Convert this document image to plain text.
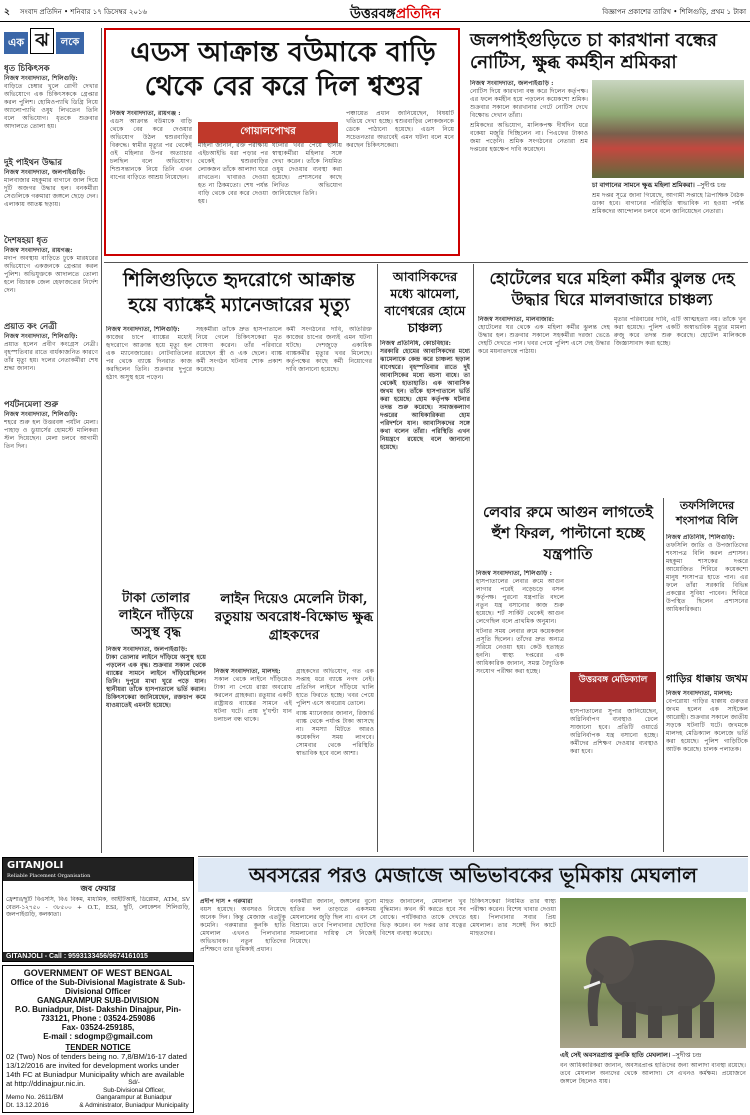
২ সংবাদ প্রতিদিন • শনিবার ১৭ ডিসেম্বর ২০১৬	উত্তরবঙ্গপ্রতিদিন	বিজ্ঞাপন প্রকাশের তারিখ • শিলিগুড়ি, প্রথম ১ টাকা
এক ঝ	লকে
ধৃত চিকিৎসক
নিজস্ব সংবাদদাতা, শিলিগুড়ি:

বাড়িতে চেম্বার খুলে রোগী দেখার অভিযোগে এক চিকিৎসককে গ্রেপ্তার করল পুলিশ। হোমিওপ্যাথি ডিগ্রি নিয়ে অ্যালোপ্যাথি ওষুধ লিখতেন তিনি বলে অভিযোগ। ধৃতকে শুক্রবার আদালতে তোলা হয়।

দুই পাইথন উদ্ধার
নিজস্ব সংবাদদাতা, জলপাইগুড়ি:

মালবাজার মহকুমার বাগানে জাল দিয়ে দুটি অজগর উদ্ধার হল। বনকর্মীরা সেগুলিকে গরুমারা জঙ্গলে ছেড়ে দেন। এলাকায় আতঙ্ক ছড়ায়।

দৈশষহয়া ধৃত
নিজস্ব সংবাদদাতা, রায়গঞ্জ:

মদ্যপ অবস্থায় বাড়িতে ঢুকে মারধরের অভিযোগে একজনকে গ্রেপ্তার করল পুলিশ। অভিযুক্তকে আদালতে তোলা হলে বিচারক জেল হেফাজতের নির্দেশ দেন।

প্রয়াত কং নেত্রী
নিজস্ব সংবাদদাতা, শিলিগুড়ি:

প্রয়াত হলেন প্রবীণ কংগ্রেস নেত্রী। বৃহস্পতিবার রাতে বার্ধক্যজনিত কারণে তাঁর মৃত্যু হয়। দলের নেতাকর্মীরা শেষ শ্রদ্ধা জানান।

পর্যটনমেলা শুরু
নিজস্ব সংবাদদাতা, শিলিগুড়ি:

শহরে শুরু হল উত্তরবঙ্গ পর্যটন মেলা। পাহাড় ও ডুয়ার্সের হোমস্টে মালিকরা স্টল দিয়েছেন। মেলা চলবে আগামী তিন দিন।

এডস আক্রান্ত বউমাকে বাড়ি থেকে বের করে দিল শ্বশুর
নিজস্ব সংবাদদাতা, রায়গঞ্জ :

এডস আক্রান্ত বউমাকে বাড়ি থেকে বের করে দেওয়ার অভিযোগ উঠল শ্বশুরবাড়ির বিরুদ্ধে। স্বামীর মৃত্যুর পর থেকেই ওই মহিলার উপর অত্যাচার চলছিল বলে অভিযোগ। শিশুসন্তানকে নিয়ে তিনি এখন বাপের বাড়িতে আশ্রয় নিয়েছেন।

গোয়ালপোখর

মহিলা জানান, রক্ত পরীক্ষায় এইচআইভি ধরা পড়ার পর থেকেই শ্বশুরবাড়ির লোকজন তাঁকে আলাদা ঘরে রাখতেন। খাবারও দেওয়া হত না ঠিকমতো। শেষ পর্যন্ত বাড়ি থেকে বের করে দেওয়া হয়।

ঘটনার খবর পেয়ে স্থানীয় স্বাস্থ্যকর্মীরা মহিলার সঙ্গে দেখা করেন। তাঁকে নিয়মিত ওষুধ দেওয়ার ব্যবস্থা করা হয়েছে। প্রশাসনের কাছে লিখিত অভিযোগ জানিয়েছেন তিনি।

পঞ্চায়েত প্রধান জানিয়েছেন, বিষয়টি খতিয়ে দেখা হচ্ছে। শ্বশুরবাড়ির লোকজনকে ডেকে পাঠানো হয়েছে। এডস নিয়ে সচেতনতার অভাবেই এমন ঘটনা বলে মনে করছেন চিকিৎসকেরা।

জলপাইগুড়িতে চা কারখানা বন্ধের নোটিস, ক্ষুব্ধ কর্মহীন শ্রমিকরা
নিজস্ব সংবাদদাতা, জলপাইগুড়ি :

নোটিস দিয়ে কারখানা বন্ধ করে দিলেন কর্তৃপক্ষ। এর ফলে কর্মহীন হয়ে পড়লেন কয়েকশো শ্রমিক। শুক্রবার সকালে কারখানার গেটে নোটিস দেখে বিক্ষোভ দেখান তাঁরা।

শ্রমিকদের অভিযোগ, মালিকপক্ষ দীর্ঘদিন ধরে বকেয়া মজুরি দিচ্ছিলেন না। পিএফের টাকাও জমা পড়েনি। শ্রমিক সংগঠনের নেতারা শ্রম দপ্তরের হস্তক্ষেপ দাবি করেছেন।

চা বাগানের সামনে ক্ষুব্ধ মহিলা শ্রমিকরা। –সুদীপ্ত চন্দ্র

শ্রম দপ্তর সূত্রে জানা গিয়েছে, আগামী সপ্তাহে ত্রিপাক্ষিক বৈঠক ডাকা হবে। বাগানের পরিস্থিতি স্বাভাবিক না হওয়া পর্যন্ত শ্রমিকদের আন্দোলন চলবে বলে জানিয়েছেন নেতারা।

শিলিগুড়িতে হৃদরোগে আক্রান্ত হয়ে ব্যাঙ্কেই ম্যানেজারের মৃত্যু
নিজস্ব সংবাদদাতা, শিলিগুড়ি:

কাজের চাপে ব্যাঙ্কের মধ্যেই হৃদরোগে আক্রান্ত হয়ে মৃত্যু হল এক ম্যানেজারের। নোটবাতিলের পর থেকে ব্যাঙ্কে দিনরাত কাজ করছিলেন তিনি। শুক্রবার দুপুরে হঠাৎ অসুস্থ হয়ে পড়েন।

সহকর্মীরা তাঁকে দ্রুত হাসপাতালে নিয়ে গেলে চিকিৎসকেরা মৃত ঘোষণা করেন। তাঁর পরিবারে রয়েছেন স্ত্রী ও এক ছেলে। ব্যাঙ্ক কর্মী সংগঠন ঘটনায় শোক প্রকাশ করেছে।

কর্মী সংগঠনের দাবি, অতিরিক্ত কাজের চাপের জন্যই এমন ঘটনা ঘটছে। দেশজুড়ে একাধিক ব্যাঙ্ককর্মীর মৃত্যুর খবর মিলেছে। কর্তৃপক্ষের কাছে কর্মী নিয়োগের দাবি জানানো হয়েছে।

টাকা তোলার লাইনে দাঁড়িয়ে অসুস্থ বৃদ্ধ
নিজস্ব সংবাদদাতা, জলপাইগুড়ি:

টাকা তোলার লাইনে দাঁড়িয়ে অসুস্থ হয়ে পড়লেন এক বৃদ্ধ। শুক্রবার সকাল থেকে ব্যাঙ্কের সামনে লাইনে দাঁড়িয়েছিলেন তিনি। দুপুরে মাথা ঘুরে পড়ে যান। স্থানীয়রা তাঁকে হাসপাতালে ভর্তি করান। চিকিৎসকেরা জানিয়েছেন, রক্তচাপ কমে যাওয়াতেই এমনটা হয়েছে।

লাইন দিয়েও মেলেনি টাকা, রতুয়ায় অবরোধ-বিক্ষোভ ক্ষুব্ধ গ্রাহকদের
নিজস্ব সংবাদদাতা, মালদহ:

সকাল থেকে লাইনে দাঁড়িয়েও টাকা না পেয়ে রাস্তা অবরোধ করলেন গ্রাহকরা। রতুয়ার একটি রাষ্ট্রায়ত্ত ব্যাঙ্কের সামনে এই ঘটনা ঘটে। প্রায় দু'ঘণ্টা যান চলাচল বন্ধ থাকে।

গ্রাহকদের অভিযোগ, গত এক সপ্তাহ ধরে ব্যাঙ্কে নগদ নেই। প্রতিদিন লাইনে দাঁড়িয়ে খালি হাতে ফিরতে হচ্ছে। খবর পেয়ে পুলিশ এসে অবরোধ তোলে।

ব্যাঙ্ক ম্যানেজার জানান, রিজার্ভ ব্যাঙ্ক থেকে পর্যাপ্ত টাকা আসছে না। সমস্যা মিটতে আরও কয়েকদিন সময় লাগবে। সোমবার থেকে পরিস্থিতি স্বাভাবিক হবে বলে আশা।

আবাসিকদের মধ্যে ঝামেলা, বাণেশ্বরের হোমে চাঞ্চল্য
নিজস্ব প্রতিনিধি, কোচবিহার:

সরকারি হোমের আবাসিকদের মধ্যে ঝামেলাকে কেন্দ্র করে চাঞ্চল্য ছড়াল বাণেশ্বরে। বৃহস্পতিবার রাতে দুই আবাসিকের মধ্যে বচসা বাধে। তা থেকেই হাতাহাতি। এক আবাসিক জখম হন। তাঁকে হাসপাতালে ভর্তি করা হয়েছে। হোম কর্তৃপক্ষ ঘটনার তদন্ত শুরু করেছে। সমাজকল্যাণ দপ্তরের আধিকারিকরা হোম পরিদর্শনে যান। আবাসিকদের সঙ্গে কথা বলেন তাঁরা। পরিস্থিতি এখন নিয়ন্ত্রণে রয়েছে বলে জানানো হয়েছে।

হোটেলের ঘরে মহিলা কর্মীর ঝুলন্ত দেহ উদ্ধার ঘিরে মালবাজারে চাঞ্চল্য
নিজস্ব সংবাদদাতা, মালবাজার:

হোটেলের ঘর থেকে এক মহিলা কর্মীর ঝুলন্ত দেহ উদ্ধার হল। শুক্রবার সকালে সহকর্মীরা দরজা ভেঙে দেহটি দেখতে পান। খবর পেয়ে পুলিশ এসে দেহ উদ্ধার করে ময়নাতদন্তে পাঠায়।

মৃতার পরিবারের দাবি, এটি আত্মহত্যা নয়। তাঁকে খুন করা হয়েছে। পুলিশ একটি অস্বাভাবিক মৃত্যুর মামলা রুজু করে তদন্ত শুরু করেছে। হোটেল মালিককে জিজ্ঞাসাবাদ করা হচ্ছে।

লেবার রুমে আগুন লাগতেই হুঁশ ফিরল, পাল্টানো হচ্ছে যন্ত্রপাতি
নিজস্ব সংবাদদাতা, শিলিগুড়ি :

হাসপাতালের লেবার রুমে আগুন লাগার পরেই নড়েচড়ে বসল কর্তৃপক্ষ। পুরনো যন্ত্রপাতি বদলে নতুন যন্ত্র বসানোর কাজ শুরু হয়েছে। শর্ট সার্কিট থেকেই আগুন লেগেছিল বলে প্রাথমিক অনুমান।

ঘটনার সময় লেবার রুমে কয়েকজন প্রসূতি ছিলেন। তাঁদের দ্রুত অন্যত্র সরিয়ে নেওয়া হয়। কেউ হতাহত হননি। স্বাস্থ্য দপ্তরের এক আধিকারিক জানান, সমস্ত বৈদ্যুতিক সংযোগ পরীক্ষা করা হচ্ছে।

উত্তরবঙ্গ মেডিক্যাল

হাসপাতালের সুপার জানিয়েছেন, অগ্নিনির্বাপণ ব্যবস্থাও ঢেলে সাজানো হবে। প্রতিটি ওয়ার্ডে অগ্নিনির্বাপক যন্ত্র বসানো হচ্ছে। কর্মীদের প্রশিক্ষণ দেওয়ার ব্যবস্থাও করা হবে।

তফসিলিদের শংসাপত্র বিলি
নিজস্ব প্রতিনিধি, শিলিগুড়ি:

তফসিলি জাতি ও উপজাতিদের শংসাপত্র বিলি করল প্রশাসন। মহকুমা শাসকের দপ্তরে আয়োজিত শিবিরে কয়েকশো মানুষ শংসাপত্র হাতে পান। এর ফলে তাঁরা সরকারি বিভিন্ন প্রকল্পের সুবিধা পাবেন। শিবিরে উপস্থিত ছিলেন প্রশাসনের আধিকারিকরা।

গাড়ির ধাক্কায় জখম
নিজস্ব সংবাদদাতা, মালদহ:

বেপরোয়া গাড়ির ধাক্কায় গুরুতর জখম হলেন এক সাইকেল আরোহী। শুক্রবার সকালে জাতীয় সড়কে ঘটনাটি ঘটে। জখমকে মালদহ মেডিক্যাল কলেজে ভর্তি করা হয়েছে। পুলিশ গাড়িটিকে আটক করেছে। চালক পলাতক।

GITANJOLI
Reliable Placement Organisation
জব ফেয়ার
ফ্রেশার/ছুটি বিএসসি, বিএ বিকম, মাধ্যমিক, আইটিআই, ডিপ্লোমা, ATM, SV বেতন-১২৭৫০ - ৩৮৫০০ + O.T., ESI, ছুটি, লোকেশন শিলিগুড়ি, জলপাইগুড়ি, কলকাতা।
GITANJOLI - Call : 9593133456/9674161015
GOVERNMENT OF WEST BENGAL
Office of the Sub-Divisional Magistrate & Sub-Divisional Officer
GANGARAMPUR SUB-DIVISION
P.O. Buniadpur, Dist- Dakshin Dinajpur, Pin- 733121, Phone : 03524-259086
Fax- 03524-259185,
E-mail : sdogmp@gmail.com
TENDER NOTICE
02 (Two) Nos of tenders being no. 7,8/BM/16-17 dated 13/12/2016 are invited for development works under 14th FC at Buniadpur Municipality which are available at http://ddinajpur.nic.in.
Memo No. 2611/BM
Dt. 13.12.2016
Sd/-
Sub-Divisional Officer,
Gangarampur at Buniadpur
& Administrator, Buniadpur Municipality
অবসরের পরও মেজাজে অভিভাবকের ভূমিকায় মেঘলাল
প্রদীপ দাস • গরুমারা

বয়স হয়েছে। অবসরও নিয়েছে অনেক দিন। কিন্তু মেজাজ এতটুকু কমেনি। গরুমারার কুনকি হাতি মেঘলাল এখনও পিলখানার অভিভাবক। নতুন হাতিদের প্রশিক্ষণে তার ভূমিকাই প্রধান।

বনকর্মীরা জানান, জঙ্গলের বুনো হাতির দল তাড়াতে একসময় মেঘলালের জুড়ি ছিল না। এখন সে বিশ্রামে। তবে পিলখানার ছোটদের সামলানোর দায়িত্ব সে নিজেই নিয়েছে।

মাহুত জানালেন, মেঘলাল খুব বুদ্ধিমান। কখন কী করতে হবে সব বোঝে। পর্যটকরাও তাকে দেখতে ভিড় করেন। বন দপ্তর তার যত্নের বিশেষ ব্যবস্থা করেছে।

চিকিৎসকেরা নিয়মিত তার স্বাস্থ্য পরীক্ষা করেন। বিশেষ খাবার দেওয়া হয়। পিলখানার সবার প্রিয় মেঘলাল। তার সঙ্গেই দিন কাটে মাহুতদের।

এই সেই অবসরপ্রাপ্ত কুনকি হাতি মেঘলাল। –সুদীপ্ত চন্দ্র

বন আধিকারিকরা জানান, অবসরপ্রাপ্ত হাতিদের জন্য আলাদা ব্যবস্থা রয়েছে। তবে মেঘলাল অন্যদের থেকে আলাদা। সে এখনও কর্মক্ষম। প্রয়োজনে জঙ্গলে টহলেও যায়।
